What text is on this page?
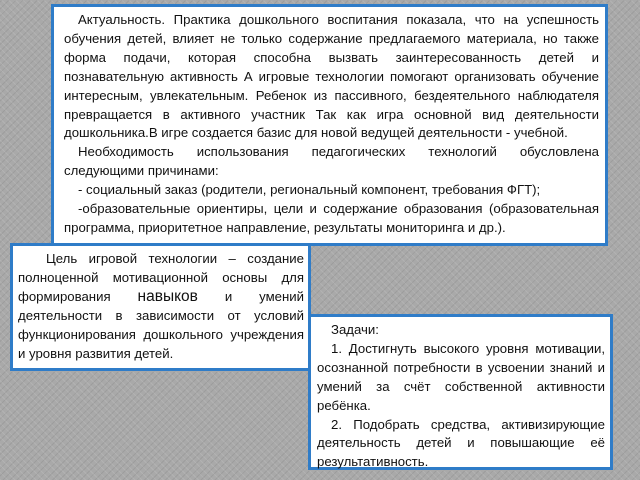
Актуальность. Практика дошкольного воспитания показала, что на успешность обучения детей, влияет не только содержание предлагаемого материала, но также форма подачи, которая способна вызвать заинтересованность детей и познавательную активность А игровые технологии помогают организовать обучение интересным, увлекательным. Ребенок из пассивного, бездеятельного наблюдателя превращается в активного участник Так как игра основной вид деятельности дошкольника.В игре создается базис для новой ведущей деятельности - учебной.

Необходимость использования педагогических технологий обусловлена следующими причинами:

- социальный заказ (родители, региональный компонент, требования ФГТ);

-образовательные ориентиры, цели и содержание образования (образовательная программа, приоритетное направление, результаты мониторинга и др.).

Цель игровой технологии – создание полноценной мотивационной основы для формирования навыков и умений деятельности в зависимости от условий функционирования дошкольного учреждения и уровня развития детей.

Задачи:

1. Достигнуть высокого уровня мотивации, осознанной потребности в усвоении знаний и умений за счёт собственной активности ребёнка.

2. Подобрать средства, активизирующие деятельность детей и повышающие её результативность.
